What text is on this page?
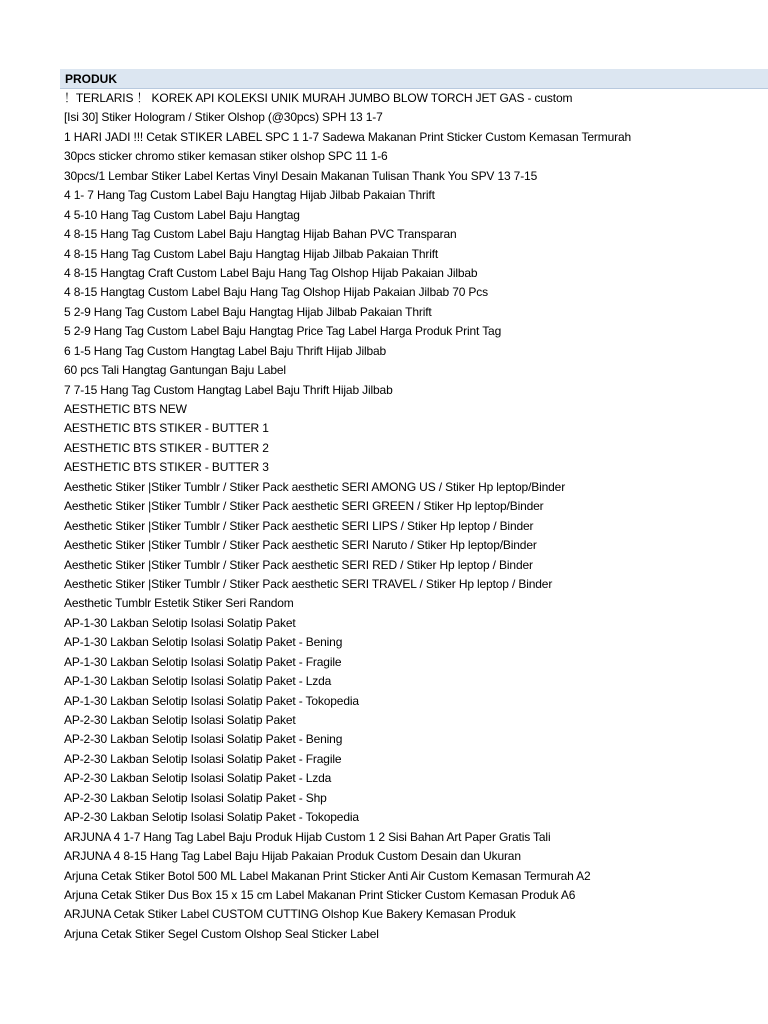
PRODUK
！TERLARIS ！ KOREK API KOLEKSI UNIK MURAH JUMBO BLOW TORCH JET GAS - custom
[Isi 30] Stiker Hologram / Stiker Olshop (@30pcs) SPH 13 1-7
1 HARI JADI !!! Cetak STIKER LABEL SPC 1 1-7 Sadewa Makanan Print Sticker Custom Kemasan Termurah
30pcs sticker chromo stiker kemasan stiker olshop SPC 11 1-6
30pcs/1 Lembar Stiker Label Kertas Vinyl Desain Makanan Tulisan Thank You SPV 13 7-15
4 1- 7 Hang Tag Custom Label Baju Hangtag Hijab Jilbab Pakaian Thrift
4 5-10 Hang Tag Custom Label Baju Hangtag
4 8-15 Hang Tag Custom Label Baju Hangtag Hijab Bahan PVC Transparan
4 8-15 Hang Tag Custom Label Baju Hangtag Hijab Jilbab Pakaian Thrift
4 8-15 Hangtag Craft Custom Label Baju Hang Tag Olshop Hijab Pakaian Jilbab
4 8-15 Hangtag Custom Label Baju Hang Tag Olshop Hijab Pakaian Jilbab 70 Pcs
5 2-9 Hang Tag Custom Label Baju Hangtag Hijab Jilbab Pakaian Thrift
5 2-9 Hang Tag Custom Label Baju Hangtag Price Tag Label Harga Produk Print Tag
6 1-5 Hang Tag Custom Hangtag Label Baju Thrift Hijab Jilbab
60 pcs Tali Hangtag Gantungan Baju Label
7 7-15 Hang Tag Custom Hangtag Label Baju Thrift Hijab Jilbab
AESTHETIC BTS NEW
AESTHETIC BTS STIKER - BUTTER 1
AESTHETIC BTS STIKER - BUTTER 2
AESTHETIC BTS STIKER - BUTTER 3
Aesthetic Stiker |Stiker Tumblr / Stiker Pack aesthetic SERI AMONG US / Stiker Hp leptop/Binder
Aesthetic Stiker |Stiker Tumblr / Stiker Pack aesthetic SERI GREEN / Stiker Hp leptop/Binder
Aesthetic Stiker |Stiker Tumblr / Stiker Pack aesthetic SERI LIPS / Stiker Hp leptop / Binder
Aesthetic Stiker |Stiker Tumblr / Stiker Pack aesthetic SERI Naruto / Stiker Hp leptop/Binder
Aesthetic Stiker |Stiker Tumblr / Stiker Pack aesthetic SERI RED / Stiker Hp leptop / Binder
Aesthetic Stiker |Stiker Tumblr / Stiker Pack aesthetic SERI TRAVEL / Stiker Hp leptop / Binder
Aesthetic Tumblr Estetik Stiker Seri Random
AP-1-30 Lakban Selotip Isolasi Solatip Paket
AP-1-30 Lakban Selotip Isolasi Solatip Paket - Bening
AP-1-30 Lakban Selotip Isolasi Solatip Paket - Fragile
AP-1-30 Lakban Selotip Isolasi Solatip Paket - Lzda
AP-1-30 Lakban Selotip Isolasi Solatip Paket - Tokopedia
AP-2-30 Lakban Selotip Isolasi Solatip Paket
AP-2-30 Lakban Selotip Isolasi Solatip Paket - Bening
AP-2-30 Lakban Selotip Isolasi Solatip Paket - Fragile
AP-2-30 Lakban Selotip Isolasi Solatip Paket - Lzda
AP-2-30 Lakban Selotip Isolasi Solatip Paket - Shp
AP-2-30 Lakban Selotip Isolasi Solatip Paket - Tokopedia
ARJUNA 4 1-7 Hang Tag Label Baju Produk Hijab Custom 1 2 Sisi Bahan Art Paper Gratis Tali
ARJUNA 4 8-15 Hang Tag Label Baju Hijab Pakaian Produk Custom Desain dan Ukuran
Arjuna Cetak Stiker Botol 500 ML Label Makanan Print Sticker Anti Air Custom Kemasan Termurah A2
Arjuna Cetak Stiker Dus Box 15 x 15 cm Label Makanan Print Sticker Custom Kemasan Produk A6
ARJUNA Cetak Stiker Label CUSTOM CUTTING Olshop Kue Bakery Kemasan Produk
Arjuna Cetak Stiker Segel Custom Olshop Seal Sticker Label
